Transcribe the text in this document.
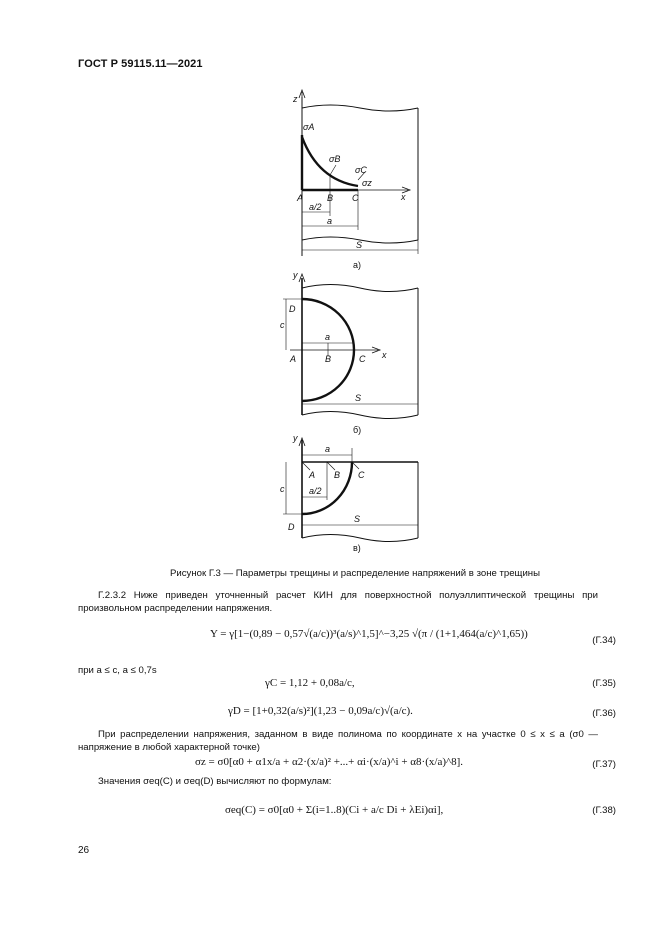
ГОСТ Р 59115.11—2021
z
σA
σB
σC
σz
A	B C	x
a/2
a
S
а)
y
D
c
a
A	B	C x
S
б)
y
a
A B C
c	a/2
D
S
в)
Рисунок Г.3 — Параметры трещины и распределение напряжений в зоне трещины
Г.2.3.2 Ниже приведен уточненный расчет КИН для поверхностной полуэллиптической трещины при произвольном распределении напряжения.
Y = γ[1−(0,89 − 0,57√(a/c))³(a/s)^1,5]^−3,25 √(π / (1+1,464(a/c)^1,65))
(Г.34)
при a ≤ c, a ≤ 0,7s
γC = 1,12 + 0,08a/c,	(Г.35)
γD = [1+0,32(a/s)²](1,23 − 0,09a/c)√(a/c).	(Г.36)
При распределении напряжения, заданном в виде полинома по координате x на участке 0 ≤ x ≤ a (σ0 — напряжение в любой характерной точке)
σz = σ0[α0 + α1x/a + α2·(x/a)² +...+ αi·(x/a)^i + α8·(x/a)^8].	(Г.37)
Значения σeq(C) и σeq(D) вычисляют по формулам:
σeq(C) = σ0[α0 + Σ(i=1..8)(Ci + a/c Di + λEi)αi],	(Г.38)
26
